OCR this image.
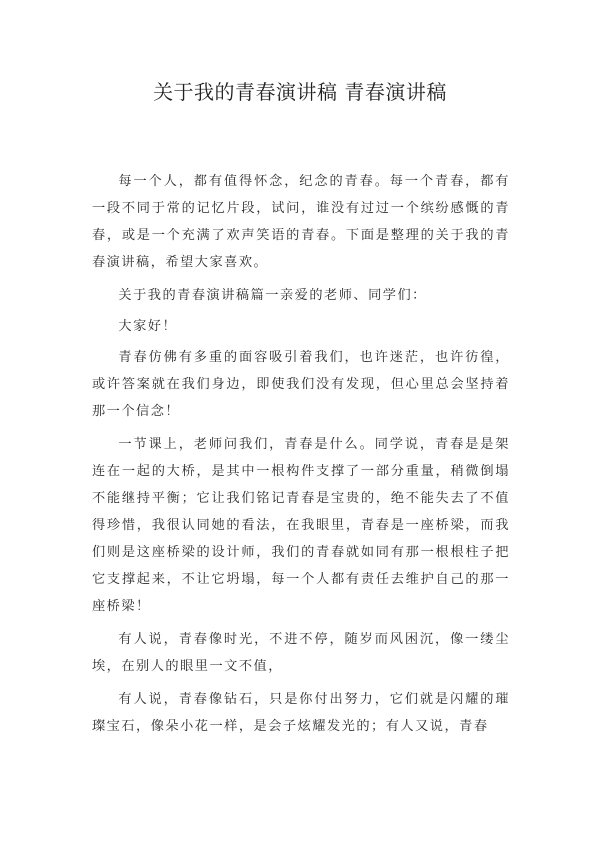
关于我的青春演讲稿 青春演讲稿

每一个人，都有值得怀念，纪念的青春。每一个青春，都有一段不同于常的记忆片段，试问，谁没有过过一个缤纷感慨的青春，或是一个充满了欢声笑语的青春。下面是整理的关于我的青春演讲稿，希望大家喜欢。

关于我的青春演讲稿篇一亲爱的老师、同学们：

大家好！

青春仿佛有多重的面容吸引着我们，也许迷茫，也许彷徨，或许答案就在我们身边，即使我们没有发现，但心里总会坚持着那一个信念！

一节课上，老师问我们，青春是什么。同学说，青春是是架连在一起的大桥，是其中一根构件支撑了一部分重量，稍微倒塌不能继持平衡；它让我们铭记青春是宝贵的，绝不能失去了不值得珍惜，我很认同她的看法，在我眼里，青春是一座桥梁，而我们则是这座桥梁的设计师，我们的青春就如同有那一根根柱子把它支撑起来，不让它坍塌，每一个人都有责任去维护自己的那一座桥梁！

有人说，青春像时光，不进不停，随岁而风困沉，像一缕尘埃，在别人的眼里一文不值，

有人说，青春像钻石，只是你付出努力，它们就是闪耀的璀璨宝石，像朵小花一样，是会子炫耀发光的；有人又说，青春
